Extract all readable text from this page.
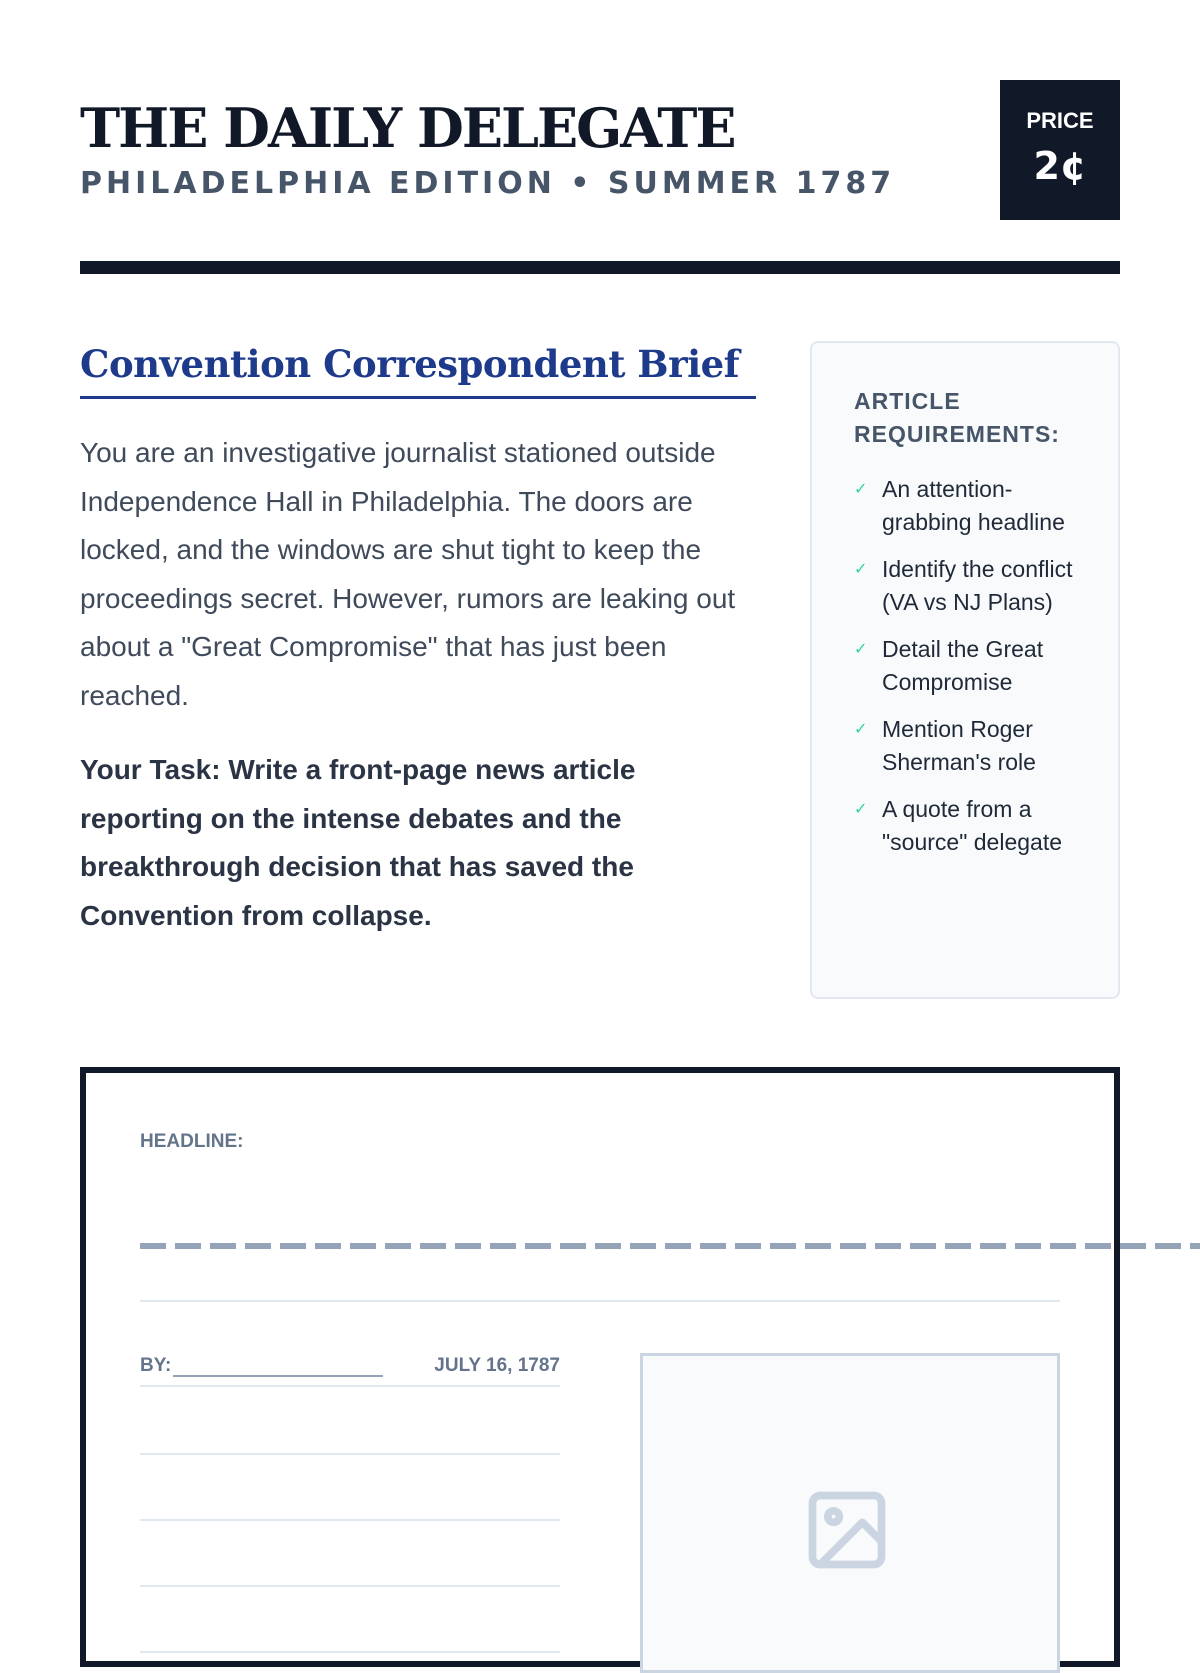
THE DAILY DELEGATE
PHILADELPHIA EDITION • SUMMER 1787
PRICE
2¢
Convention Correspondent Brief

You are an investigative journalist stationed outside Independence Hall in Philadelphia. The doors are locked, and the windows are shut tight to keep the proceedings secret. However, rumors are leaking out about a "Great Compromise" that has just been reached.

Your Task: Write a front-page news article reporting on the intense debates and the breakthrough decision that has saved the Convention from collapse.

ARTICLE REQUIREMENTS:
✓ An attention-grabbing headline
✓ Identify the conflict (VA vs NJ Plans)
✓ Detail the Great Compromise
✓ Mention Roger Sherman's role
✓ A quote from a "source" delegate
HEADLINE:
BY:	JULY 16, 1787
